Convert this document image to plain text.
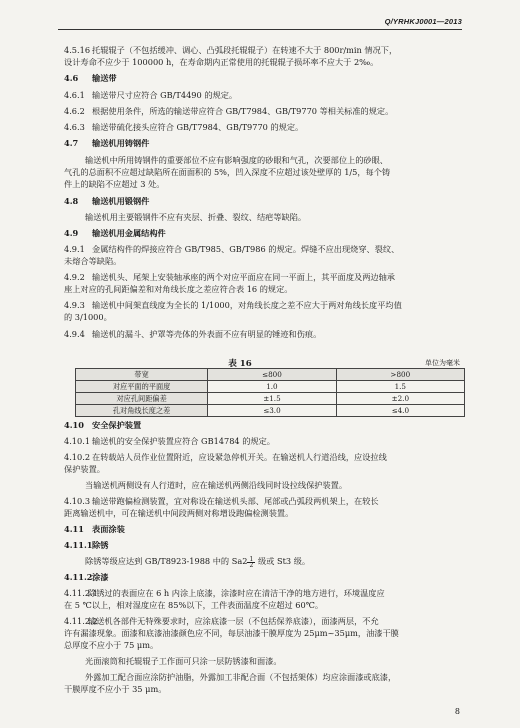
Q/YRHKJ0001—2013
4.5.16 托辊辊子（不包括缓冲、调心、凸弧段托辊辊子）在转速不大于 800r/min 情况下，
设计寿命不应少于 100000 h，在寿命期内正常使用的托辊辊子损坏率不应大于 2‰。
4.6 输送带
4.6.1 输送带尺寸应符合 GB/T4490 的规定。
4.6.2 根据使用条件，所选的输送带应符合 GB/T7984、GB/T9770 等相关标准的规定。
4.6.3 输送带硫化接头应符合 GB/T7984、GB/T9770 的规定。
4.7 输送机用铸钢件
输送机中所用铸钢件的重要部位不应有影响强度的砂眼和气孔，次要部位上的砂眼、
气孔的总面积不应超过缺陷所在面面积的 5%，凹入深度不应超过该处壁厚的 1/5，每个铸
件上的缺陷不应超过 3 处。
4.8 输送机用锻钢件
输送机用主要锻钢件不应有夹层、折叠、裂纹、结疤等缺陷。
4.9 输送机用金属结构件
4.9.1 金属结构件的焊接应符合 GB/T985、GB/T986 的规定。焊缝不应出现烧穿、裂纹、
未熔合等缺陷。
4.9.2 输送机头、尾架上安装轴承座的两个对应平面应在同一平面上，其平面度及两边轴承
座上对应的孔间距偏差和对角线长度之差应符合表 16 的规定。
4.9.3 输送机中间架直线度为全长的 1/1000，对角线长度之差不应大于两对角线长度平均值
的 3/1000。
4.9.4 输送机的漏斗、护罩等壳体的外表面不应有明显的锤迹和伤痕。
表 16	单位为毫米
带宽	≤800	>800
对应平面的平面度	1.0	1.5
对应孔间距偏差	±1.5	±2.0
孔对角线长度之差	≤3.0	≤4.0
4.10 安全保护装置
4.10.1 输送机的安全保护装置应符合 GB14784 的规定。
4.10.2 在转载站人员作业位置附近，应设紧急停机开关。在输送机人行道沿线，应设拉线
保护装置。
当输送机两侧设有人行道时，应在输送机两侧沿线同时设拉线保护装置。
4.10.3 输送带跑偏检测装置，宜对称设在输送机头部、尾部或凸弧段两机架上，在较长
距离输送机中，可在输送机中间段两侧对称增设跑偏检测装置。
4.11 表面涂装
4.11.1除锈
除锈等级应达到 GB/T8923-1988 中的 $Sa2 \frac{1}{2}$ 级或 St3 级。
4.11.2涂漆
4.11.2.1除锈过的表面应在 6 h 内涂上底漆，涂漆时应在清洁干净的地方进行，环境温度应
在 5 ℃以上，相对湿度应在 85%以下，工件表面温度不应超过 60℃。
4.11.2.2输送机各部件无特殊要求时，应涂底漆一层（不包括保养底漆），面漆两层，不允
许有漏漆现象。面漆和底漆油漆颜色应不同，每层油漆干膜厚度为 25μm~35μm，油漆干膜
总厚度不应小于 75 μm。
光面滚筒和托辊辊子工作面可只涂一层防锈漆和面漆。
外露加工配合面应涂防护油脂，外露加工非配合面（不包括架体）均应涂面漆或底漆，
干膜厚度不应小于 35 μm。
8
